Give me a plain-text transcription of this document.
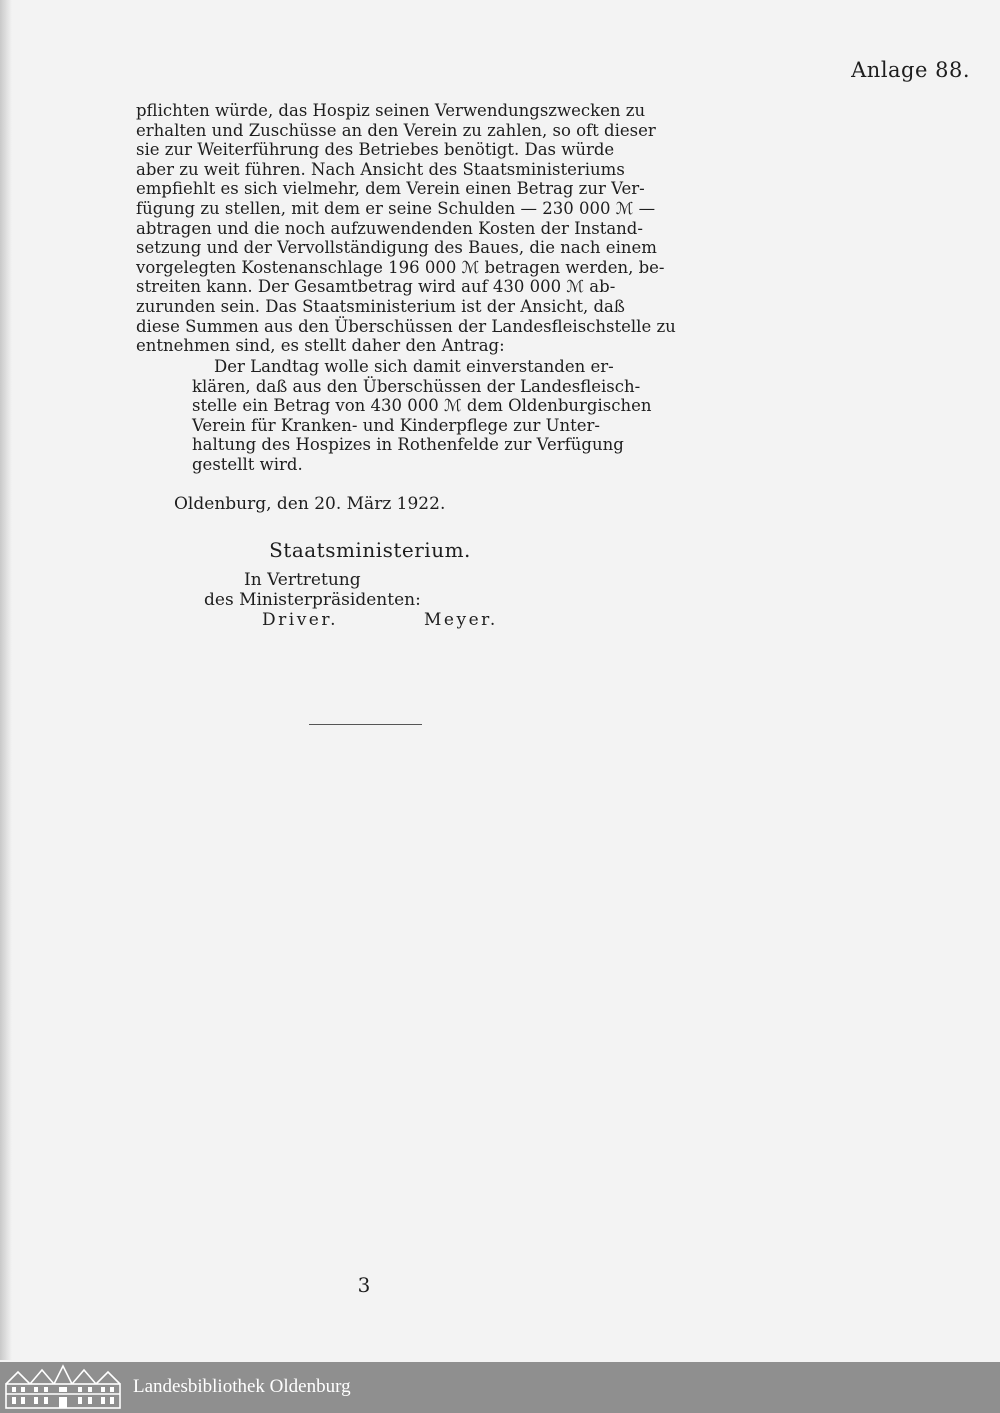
Anlage 88.
pflichten würde, das Hospiz seinen Verwendungszwecken zu
erhalten und Zuschüsse an den Verein zu zahlen, so oft dieser
sie zur Weiterführung des Betriebes benötigt. Das würde
aber zu weit führen. Nach Ansicht des Staatsministeriums
empfiehlt es sich vielmehr, dem Verein einen Betrag zur Ver-
fügung zu stellen, mit dem er seine Schulden — 230 000 ℳ —
abtragen und die noch aufzuwendenden Kosten der Instand-
setzung und der Vervollständigung des Baues, die nach einem
vorgelegten Kostenanschlage 196 000 ℳ betragen werden, be-
streiten kann. Der Gesamtbetrag wird auf 430 000 ℳ ab-
zurunden sein. Das Staatsministerium ist der Ansicht, daß
diese Summen aus den Überschüssen der Landesfleischstelle zu
entnehmen sind, es stellt daher den Antrag:
Der Landtag wolle sich damit einverstanden er-
klären, daß aus den Überschüssen der Landesfleisch-
stelle ein Betrag von 430 000 ℳ dem Oldenburgischen
Verein für Kranken- und Kinderpflege zur Unter-
haltung des Hospizes in Rothenfelde zur Verfügung
gestellt wird.
Oldenburg, den 20. März 1922.
Staatsministerium.
In Vertretung
des Ministerpräsidenten:
Driver.	Meyer.
3
Landesbibliothek Oldenburg
